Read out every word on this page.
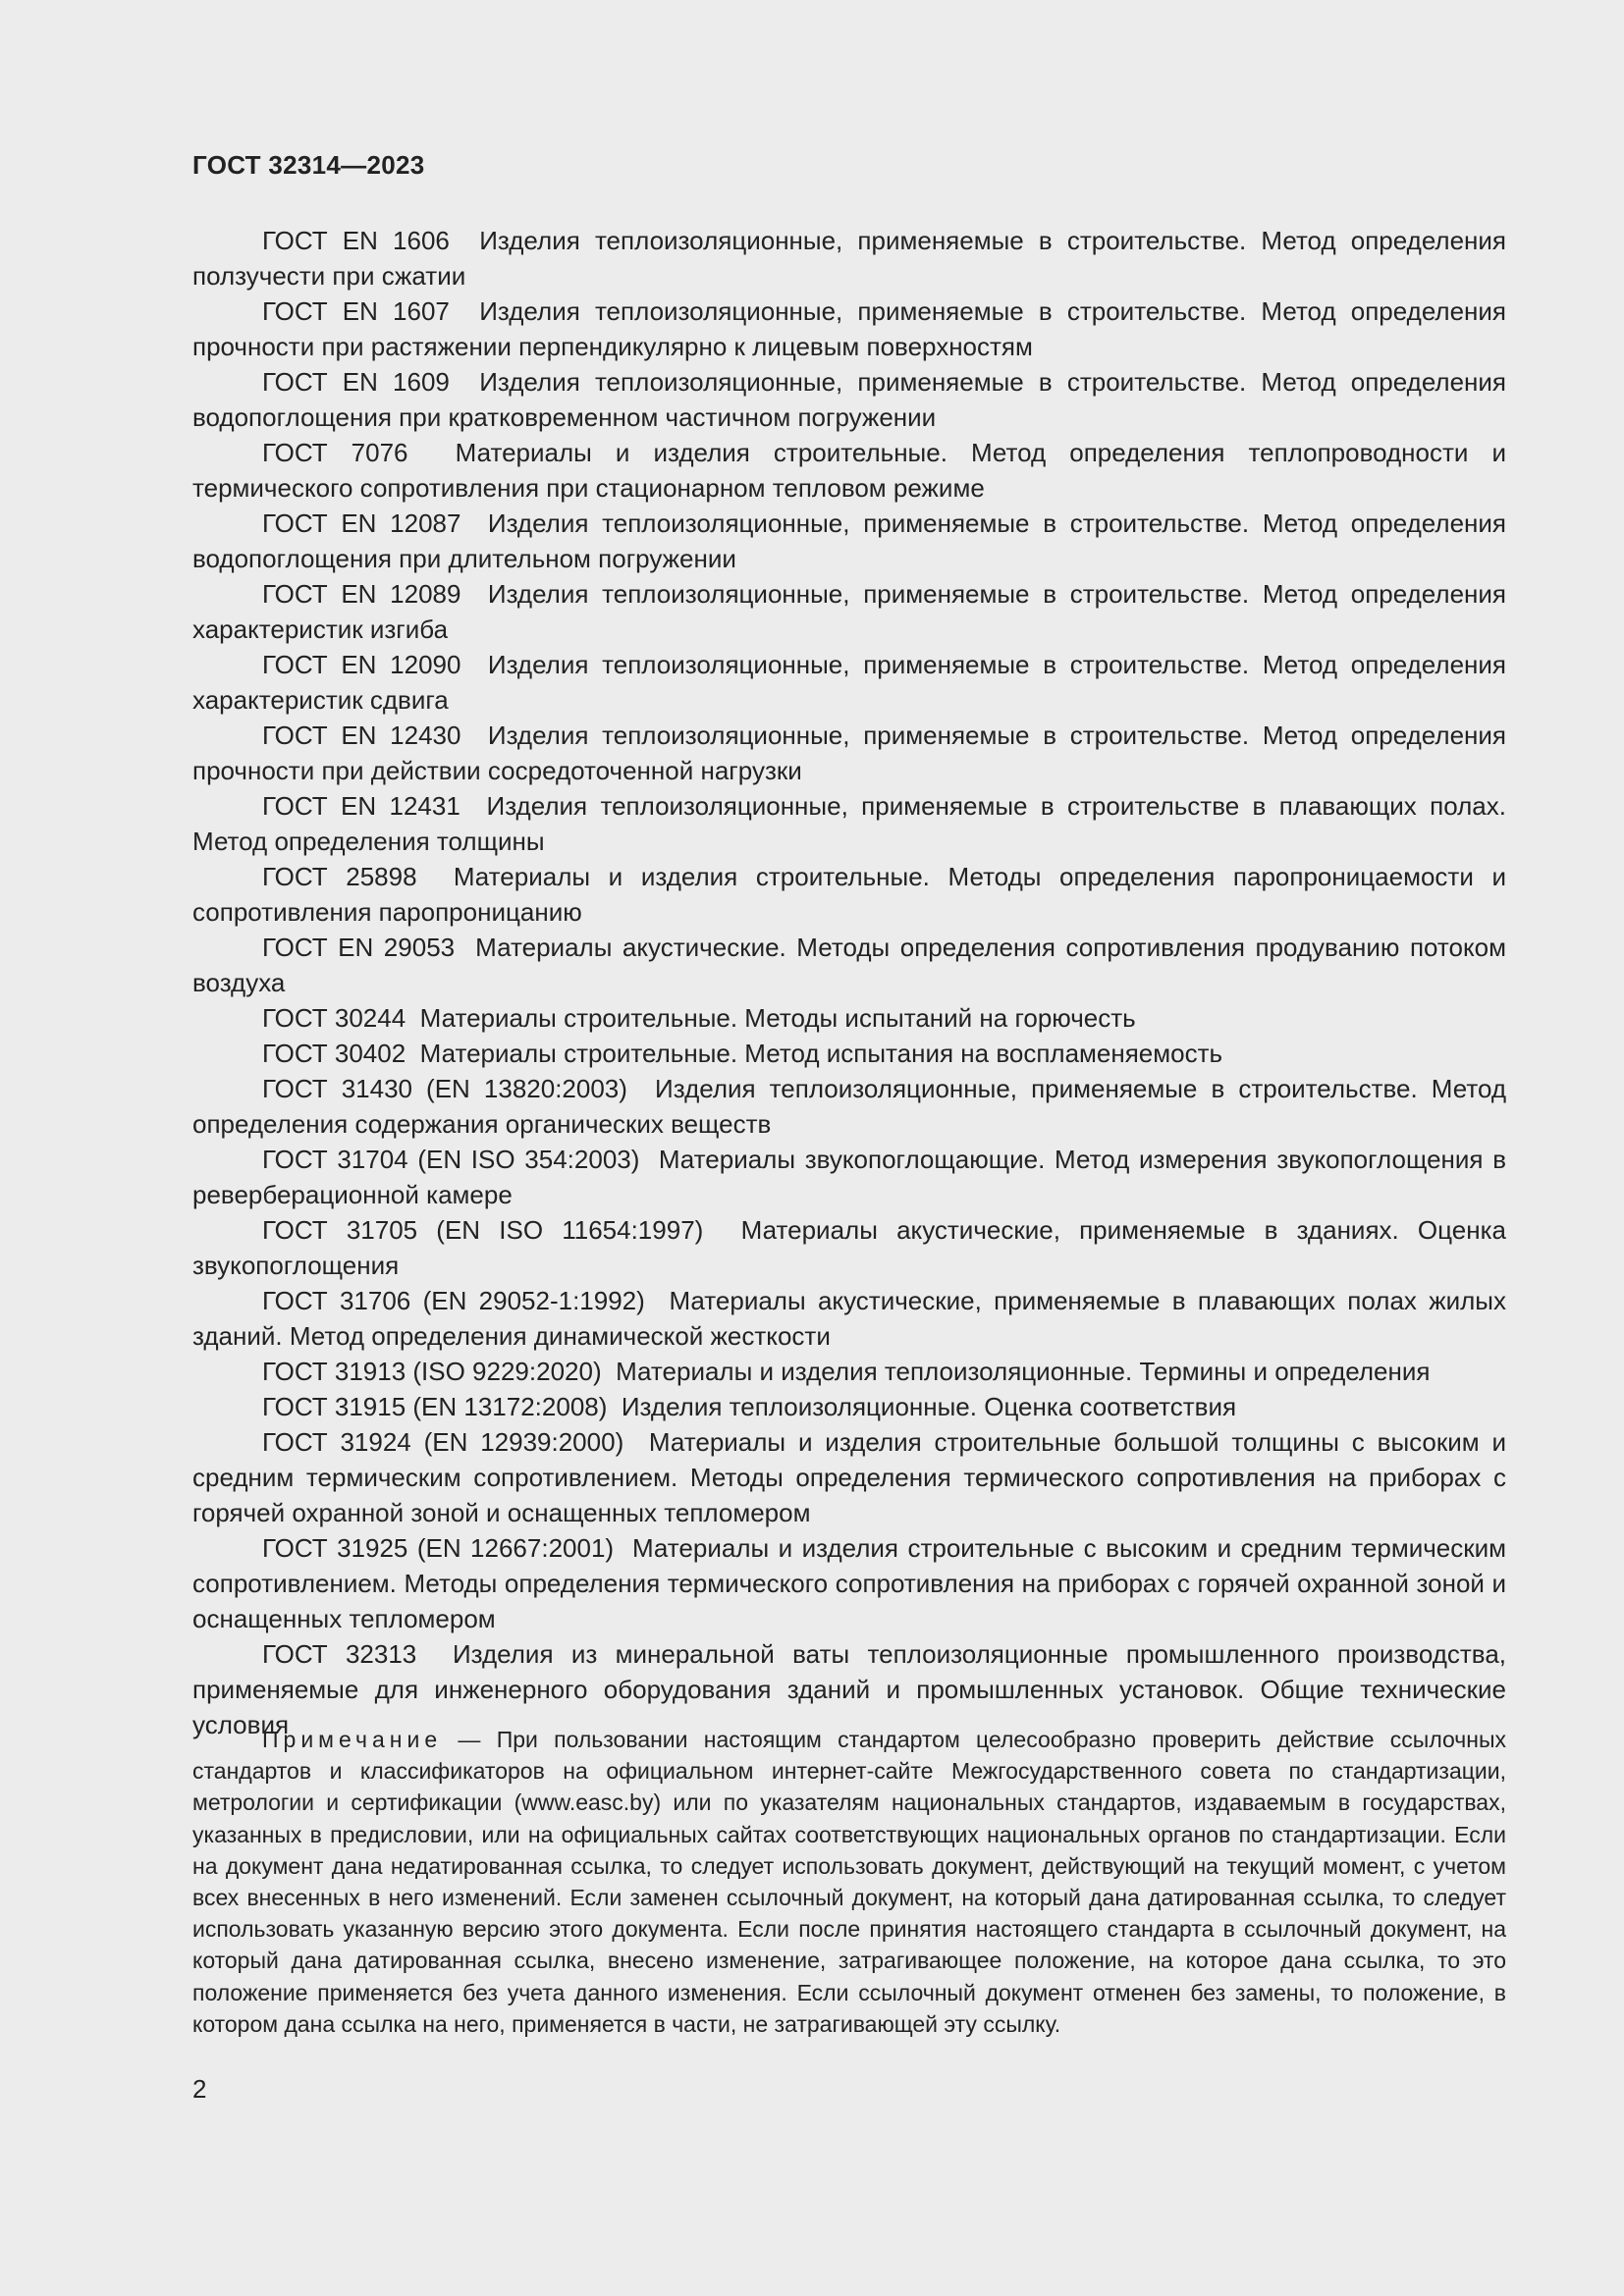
ГОСТ 32314—2023

ГОСТ EN 1606 Изделия теплоизоляционные, применяемые в строительстве. Метод определения ползучести при сжатии

ГОСТ EN 1607 Изделия теплоизоляционные, применяемые в строительстве. Метод определения прочности при растяжении перпендикулярно к лицевым поверхностям

ГОСТ EN 1609 Изделия теплоизоляционные, применяемые в строительстве. Метод определения водопоглощения при кратковременном частичном погружении

ГОСТ 7076 Материалы и изделия строительные. Метод определения теплопроводности и термического сопротивления при стационарном тепловом режиме

ГОСТ EN 12087 Изделия теплоизоляционные, применяемые в строительстве. Метод определения водопоглощения при длительном погружении

ГОСТ EN 12089 Изделия теплоизоляционные, применяемые в строительстве. Метод определения характеристик изгиба

ГОСТ EN 12090 Изделия теплоизоляционные, применяемые в строительстве. Метод определения характеристик сдвига

ГОСТ EN 12430 Изделия теплоизоляционные, применяемые в строительстве. Метод определения прочности при действии сосредоточенной нагрузки

ГОСТ EN 12431 Изделия теплоизоляционные, применяемые в строительстве в плавающих полах. Метод определения толщины

ГОСТ 25898 Материалы и изделия строительные. Методы определения паропроницаемости и сопротивления паропроницанию

ГОСТ EN 29053 Материалы акустические. Методы определения сопротивления продуванию потоком воздуха

ГОСТ 30244 Материалы строительные. Методы испытаний на горючесть

ГОСТ 30402 Материалы строительные. Метод испытания на воспламеняемость

ГОСТ 31430 (EN 13820:2003) Изделия теплоизоляционные, применяемые в строительстве. Метод определения содержания органических веществ

ГОСТ 31704 (EN ISO 354:2003) Материалы звукопоглощающие. Метод измерения звукопоглощения в реверберационной камере

ГОСТ 31705 (EN ISO 11654:1997) Материалы акустические, применяемые в зданиях. Оценка звукопоглощения

ГОСТ 31706 (EN 29052-1:1992) Материалы акустические, применяемые в плавающих полах жилых зданий. Метод определения динамической жесткости

ГОСТ 31913 (ISO 9229:2020) Материалы и изделия теплоизоляционные. Термины и определения

ГОСТ 31915 (EN 13172:2008) Изделия теплоизоляционные. Оценка соответствия

ГОСТ 31924 (EN 12939:2000) Материалы и изделия строительные большой толщины с высоким и средним термическим сопротивлением. Методы определения термического сопротивления на приборах с горячей охранной зоной и оснащенных тепломером

ГОСТ 31925 (EN 12667:2001) Материалы и изделия строительные с высоким и средним термическим сопротивлением. Методы определения термического сопротивления на приборах с горячей охранной зоной и оснащенных тепломером

ГОСТ 32313 Изделия из минеральной ваты теплоизоляционные промышленного производства, применяемые для инженерного оборудования зданий и промышленных установок. Общие технические условия

Примечание — При пользовании настоящим стандартом целесообразно проверить действие ссылочных стандартов и классификаторов на официальном интернет-сайте Межгосударственного совета по стандартизации, метрологии и сертификации (www.easc.by) или по указателям национальных стандартов, издаваемым в государствах, указанных в предисловии, или на официальных сайтах соответствующих национальных органов по стандартизации. Если на документ дана недатированная ссылка, то следует использовать документ, действующий на текущий момент, с учетом всех внесенных в него изменений. Если заменен ссылочный документ, на который дана датированная ссылка, то следует использовать указанную версию этого документа. Если после принятия настоящего стандарта в ссылочный документ, на который дана датированная ссылка, внесено изменение, затрагивающее положение, на которое дана ссылка, то это положение применяется без учета данного изменения. Если ссылочный документ отменен без замены, то положение, в котором дана ссылка на него, применяется в части, не затрагивающей эту ссылку.

2
